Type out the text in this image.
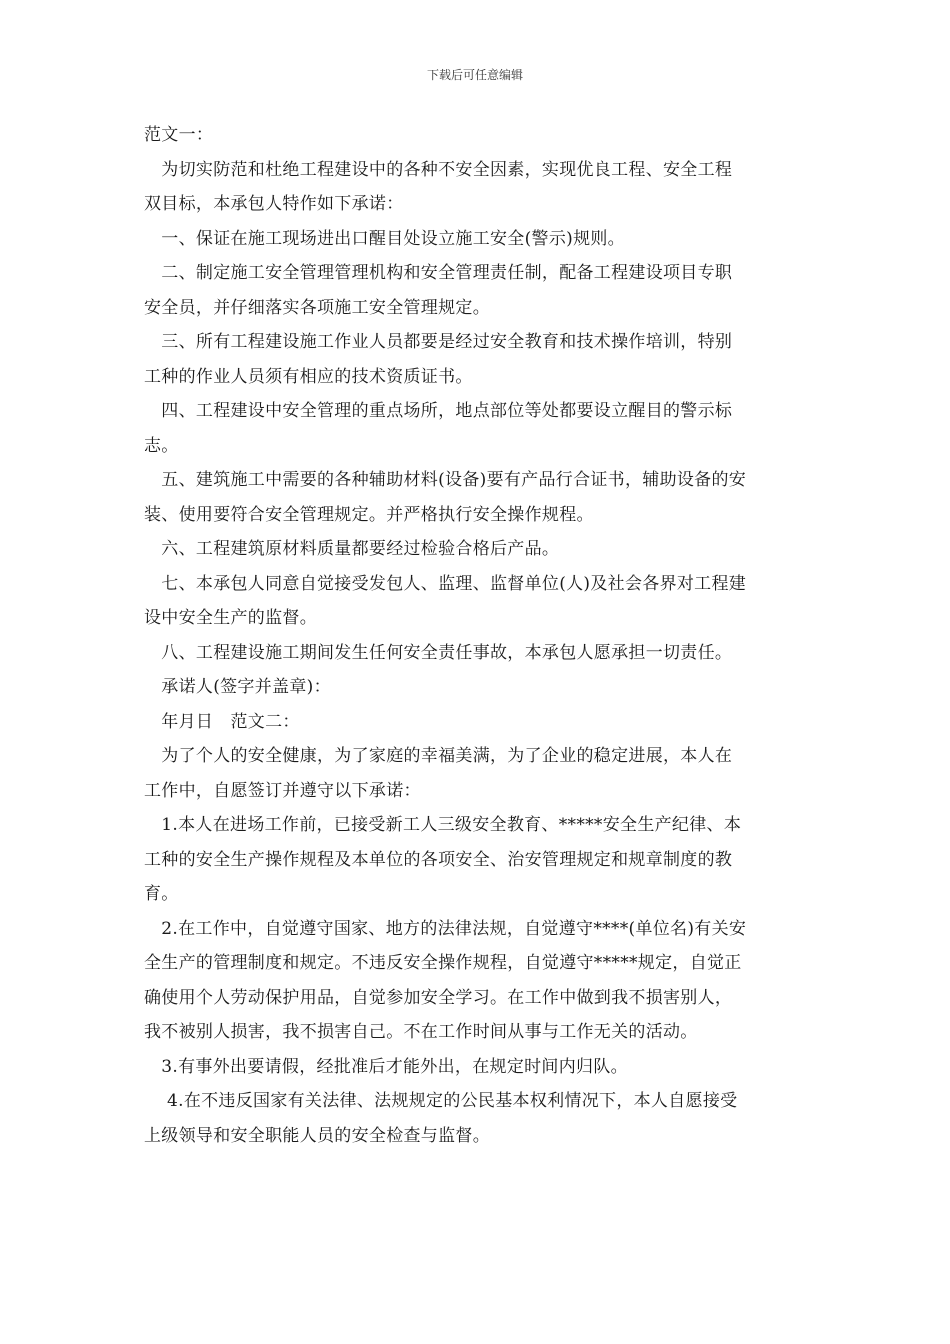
下载后可任意编辑

范文一：

　为切实防范和杜绝工程建设中的各种不安全因素，实现优良工程、安全工程

双目标，本承包人特作如下承诺：

　一、保证在施工现场进出口醒目处设立施工安全(警示)规则。

　二、制定施工安全管理管理机构和安全管理责任制，配备工程建设项目专职

安全员，并仔细落实各项施工安全管理规定。

　三、所有工程建设施工作业人员都要是经过安全教育和技术操作培训，特别

工种的作业人员须有相应的技术资质证书。

　四、工程建设中安全管理的重点场所，地点部位等处都要设立醒目的警示标

志。

　五、建筑施工中需要的各种辅助材料(设备)要有产品行合证书，辅助设备的安

装、使用要符合安全管理规定。并严格执行安全操作规程。

　六、工程建筑原材料质量都要经过检验合格后产品。

　七、本承包人同意自觉接受发包人、监理、监督单位(人)及社会各界对工程建

设中安全生产的监督。

　八、工程建设施工期间发生任何安全责任事故，本承包人愿承担一切责任。

　承诺人(签字并盖章)：

　年月日　范文二：

　为了个人的安全健康，为了家庭的幸福美满，为了企业的稳定进展，本人在

工作中，自愿签订并遵守以下承诺：

　1.本人在进场工作前，已接受新工人三级安全教育、*****安全生产纪律、本

工种的安全生产操作规程及本单位的各项安全、治安管理规定和规章制度的教

育。

　2.在工作中，自觉遵守国家、地方的法律法规，自觉遵守****(单位名)有关安

全生产的管理制度和规定。不违反安全操作规程，自觉遵守*****规定，自觉正

确使用个人劳动保护用品，自觉参加安全学习。在工作中做到我不损害别人，

我不被别人损害，我不损害自己。不在工作时间从事与工作无关的活动。

　3.有事外出要请假，经批准后才能外出，在规定时间内归队。

　 4.在不违反国家有关法律、法规规定的公民基本权利情况下，本人自愿接受

上级领导和安全职能人员的安全检查与监督。
